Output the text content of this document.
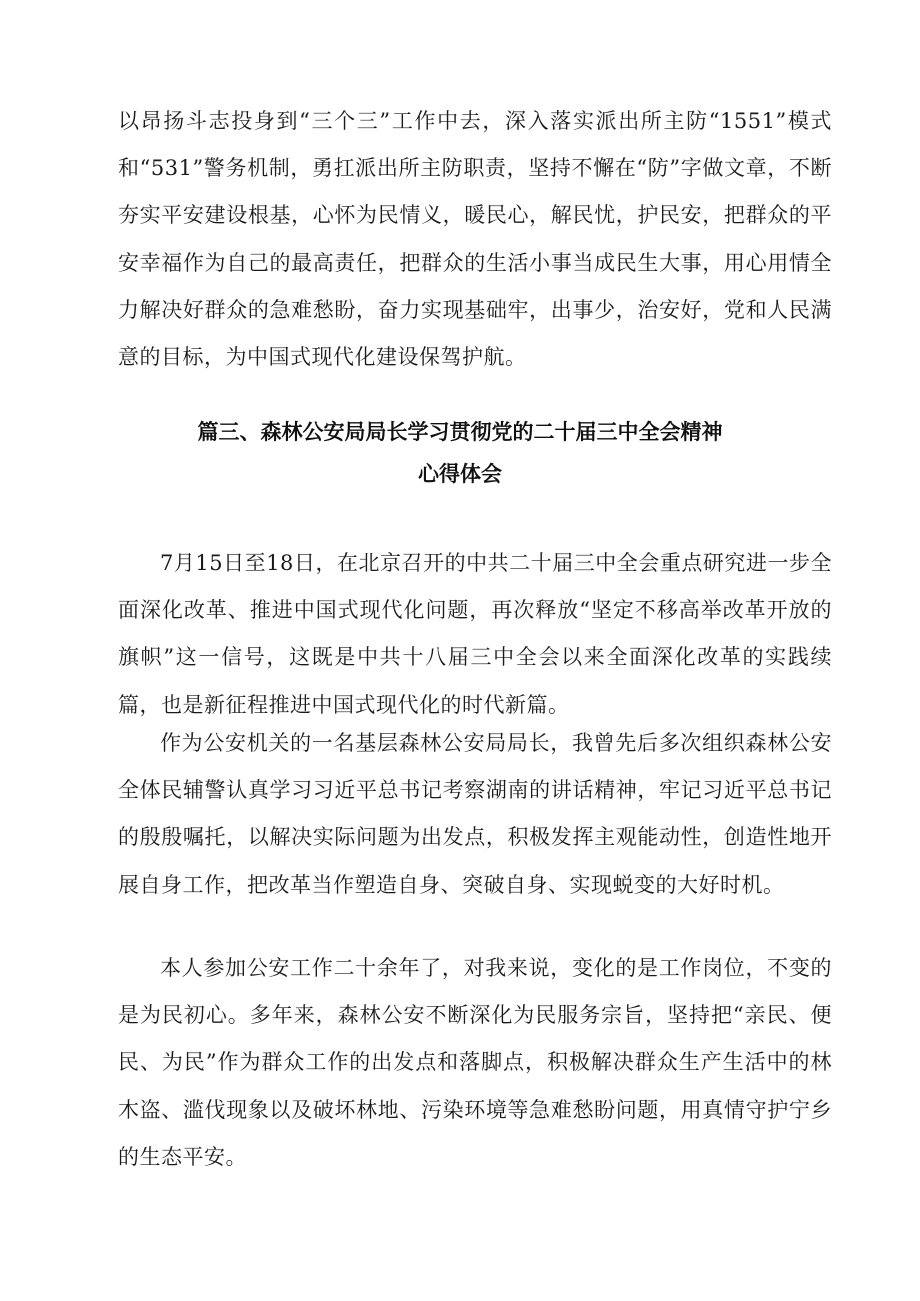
以昂扬斗志投身到“三个三”工作中去，深入落实派出所主防“1551”模式和“531”警务机制，勇扛派出所主防职责，坚持不懈在“防”字做文章，不断夯实平安建设根基，心怀为民情义，暖民心，解民忧，护民安，把群众的平安幸福作为自己的最高责任，把群众的生活小事当成民生大事，用心用情全力解决好群众的急难愁盼，奋力实现基础牢，出事少，治安好，党和人民满意的目标，为中国式现代化建设保驾护航。

篇三、森林公安局局长学习贯彻党的二十届三中全会精神
心得体会

7月15日至18日，在北京召开的中共二十届三中全会重点研究进一步全面深化改革、推进中国式现代化问题，再次释放“坚定不移高举改革开放的旗帜”这一信号，这既是中共十八届三中全会以来全面深化改革的实践续篇，也是新征程推进中国式现代化的时代新篇。

作为公安机关的一名基层森林公安局局长，我曾先后多次组织森林公安全体民辅警认真学习习近平总书记考察湖南的讲话精神，牢记习近平总书记的殷殷嘱托，以解决实际问题为出发点，积极发挥主观能动性，创造性地开展自身工作，把改革当作塑造自身、突破自身、实现蜕变的大好时机。

本人参加公安工作二十余年了，对我来说，变化的是工作岗位，不变的是为民初心。多年来，森林公安不断深化为民服务宗旨，坚持把“亲民、便民、为民”作为群众工作的出发点和落脚点，积极解决群众生产生活中的林木盗、滥伐现象以及破坏林地、污染环境等急难愁盼问题，用真情守护宁乡的生态平安。
